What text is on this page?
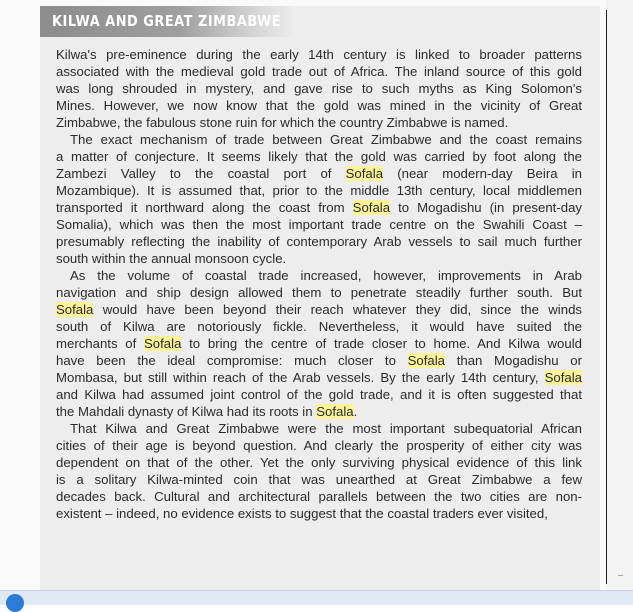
KILWA AND GREAT ZIMBABWE
Kilwa's pre-eminence during the early 14th century is linked to broader patterns
associated with the medieval gold trade out of Africa. The inland source of this gold
was long shrouded in mystery, and gave rise to such myths as King Solomon's
Mines. However, we now know that the gold was mined in the vicinity of Great
Zimbabwe, the fabulous stone ruin for which the country Zimbabwe is named.
The exact mechanism of trade between Great Zimbabwe and the coast remains
a matter of conjecture. It seems likely that the gold was carried by foot along the
Zambezi Valley to the coastal port of Sofala (near modern-day Beira in
Mozambique). It is assumed that, prior to the middle 13th century, local middlemen
transported it northward along the coast from Sofala to Mogadishu (in present-day
Somalia), which was then the most important trade centre on the Swahili Coast –
presumably reflecting the inability of contemporary Arab vessels to sail much further
south within the annual monsoon cycle.
As the volume of coastal trade increased, however, improvements in Arab
navigation and ship design allowed them to penetrate steadily further south. But
Sofala would have been beyond their reach whatever they did, since the winds
south of Kilwa are notoriously fickle. Nevertheless, it would have suited the
merchants of Sofala to bring the centre of trade closer to home. And Kilwa would
have been the ideal compromise: much closer to Sofala than Mogadishu or
Mombasa, but still within reach of the Arab vessels. By the early 14th century, Sofala
and Kilwa had assumed joint control of the gold trade, and it is often suggested that
the Mahdali dynasty of Kilwa had its roots in Sofala.
That Kilwa and Great Zimbabwe were the most important subequatorial African
cities of their age is beyond question. And clearly the prosperity of either city was
dependent on that of the other. Yet the only surviving physical evidence of this link
is a solitary Kilwa-minted coin that was unearthed at Great Zimbabwe a few
decades back. Cultural and architectural parallels between the two cities are non-
existent – indeed, no evidence exists to suggest that the coastal traders ever visited,
